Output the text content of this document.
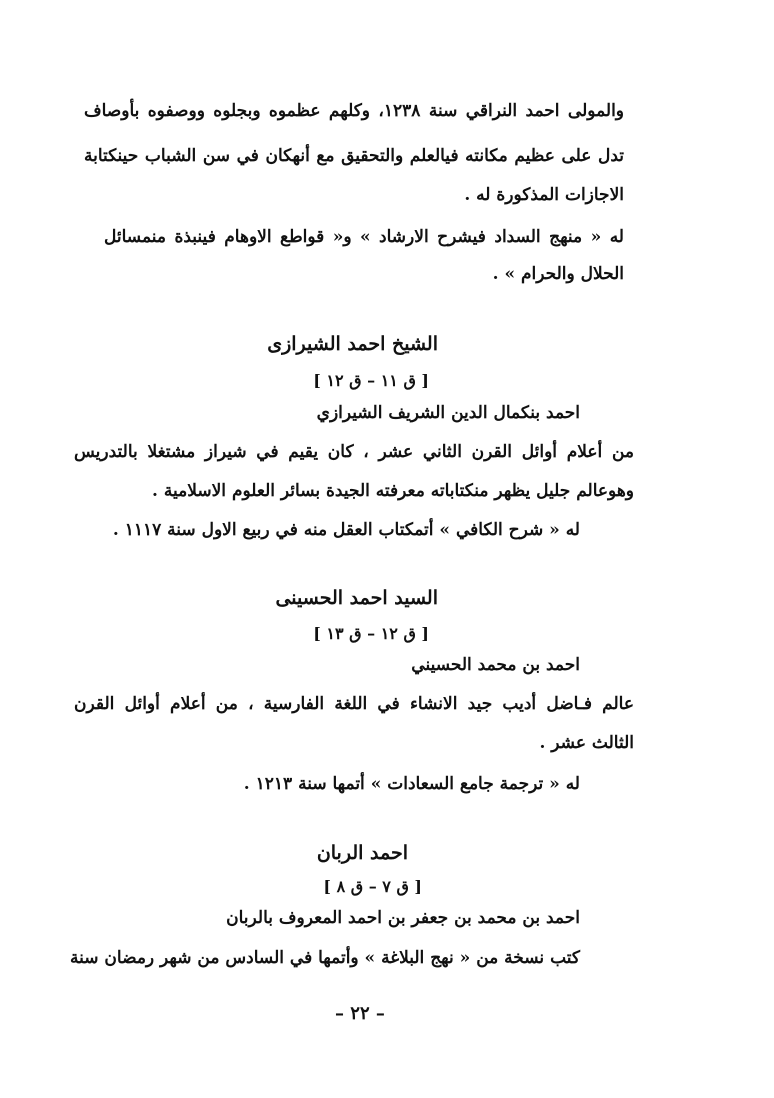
والمولى احمد النراقي سنة ١٢٣٨، وكلهم عظموه وبجلوه ووصفوه بأوصاف
تدل على عظيم مكانته فيالعلم والتحقيق مع أنهكان في سن الشباب حينكتابة
الاجازات المذكورة له .
له « منهج السداد فيشرح الارشاد » و« قواطع الاوهام فينبذة منمسائل
الحلال والحرام » .
الشيخ احمد الشيرازى
[ ق ١١ – ق ١٢ ]
احمد بنكمال الدين الشريف الشيرازي
من أعلام أوائل القرن الثاني عشر ، كان يقيم في شيراز مشتغلا بالتدريس
وهوعالم جليل يظهر منكتاباته معرفته الجيدة بسائر العلوم الاسلامية .
له « شرح الكافي » أتمكتاب العقل منه في ربيع الاول سنة ١١١٧ .
السيد احمد الحسينى
[ ق ١٢ – ق ١٣ ]
احمد بن محمد الحسيني
عالم فـاضل أديب جيد الانشاء في اللغة الفارسية ، من أعلام أوائل القرن
الثالث عشر .
له « ترجمة جامع السعادات » أتمها سنة ١٢١٣ .
احمد الربان
[ ق ٧ – ق ٨ ]
احمد بن محمد بن جعفر بن احمد المعروف بالربان
كتب نسخة من « نهج البلاغة » وأتمها في السادس من شهر رمضان سنة
– ٢٢ –
